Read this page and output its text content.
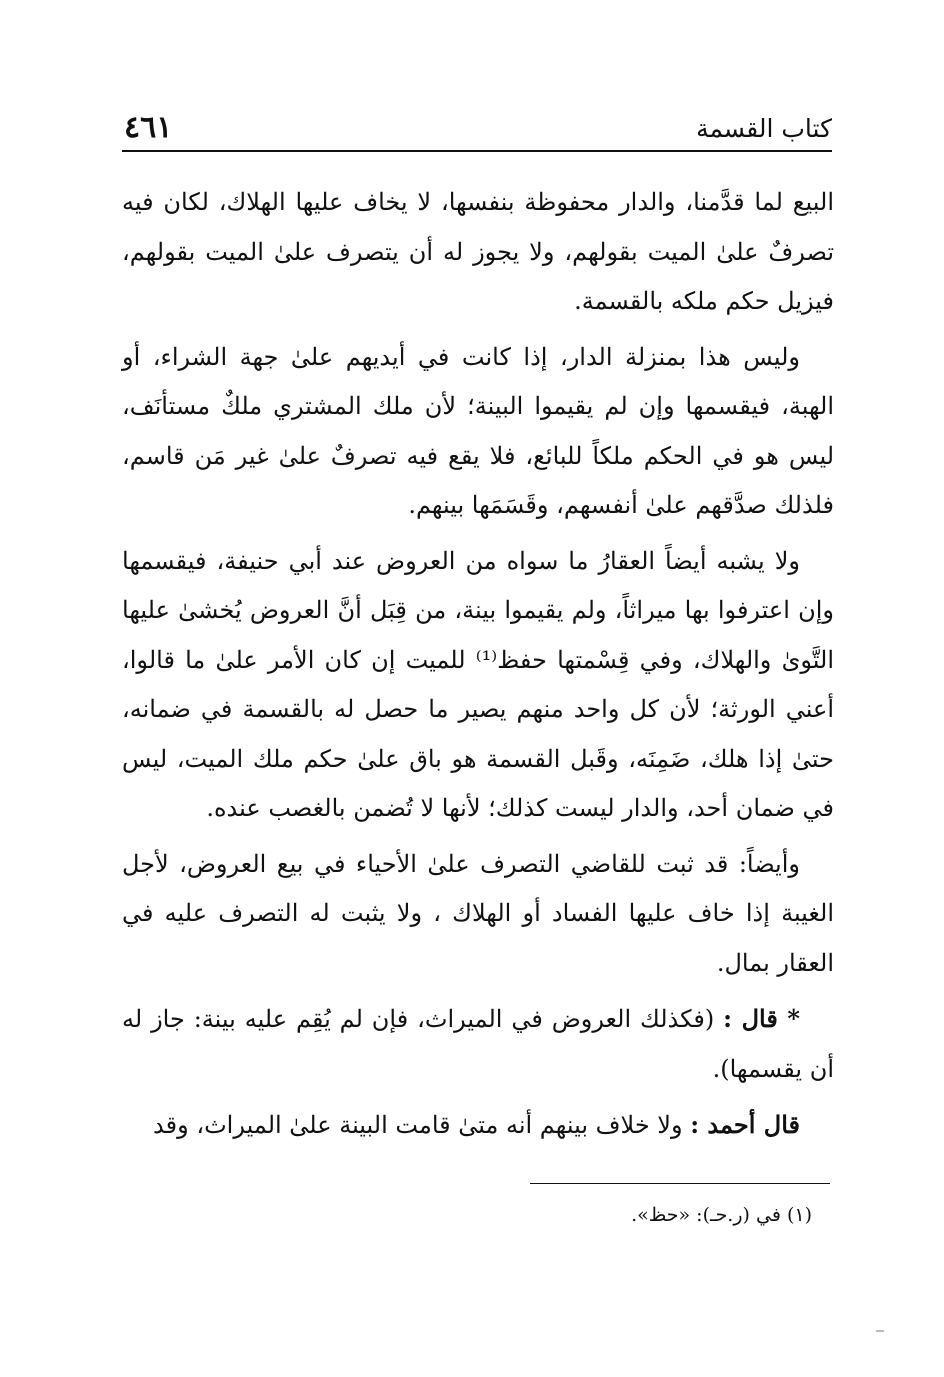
كتاب القسمة
٤٦١

البيع لما قدَّمنا، والدار محفوظة بنفسها، لا يخاف عليها الهلاك، لكان فيه تصرفٌ علىٰ الميت بقولهم، ولا يجوز له أن يتصرف علىٰ الميت بقولهم، فيزيل حكم ملكه بالقسمة.

وليس هذا بمنزلة الدار، إذا كانت في أيديهم علىٰ جهة الشراء، أو الهبة، فيقسمها وإن لم يقيموا البينة؛ لأن ملك المشتري ملكٌ مستأنَف، ليس هو في الحكم ملكاً للبائع، فلا يقع فيه تصرفٌ علىٰ غير مَن قاسم، فلذلك صدَّقهم علىٰ أنفسهم، وقَسَمَها بينهم.

ولا يشبه أيضاً العقارُ ما سواه من العروض عند أبي حنيفة، فيقسمها وإن اعترفوا بها ميراثاً، ولم يقيموا بينة، من قِبَل أنَّ العروض يُخشىٰ عليها التَّوىٰ والهلاك، وفي قِسْمتها حفظ⁽¹⁾ للميت إن كان الأمر علىٰ ما قالوا، أعني الورثة؛ لأن كل واحد منهم يصير ما حصل له بالقسمة في ضمانه، حتىٰ إذا هلك، ضَمِنَه، وقَبل القسمة هو باق علىٰ حكم ملك الميت، ليس في ضمان أحد، والدار ليست كذلك؛ لأنها لا تُضمن بالغصب عنده.

وأيضاً: قد ثبت للقاضي التصرف علىٰ الأحياء في بيع العروض، لأجل الغيبة إذا خاف عليها الفساد أو الهلاك ، ولا يثبت له التصرف عليه في العقار بمال.

* قال : (فكذلك العروض في الميراث، فإن لم يُقِم عليه بينة: جاز له أن يقسمها).

قال أحمد : ولا خلاف بينهم أنه متىٰ قامت البينة علىٰ الميراث، وقد

(١) في (ر.حـ): «حظ».
